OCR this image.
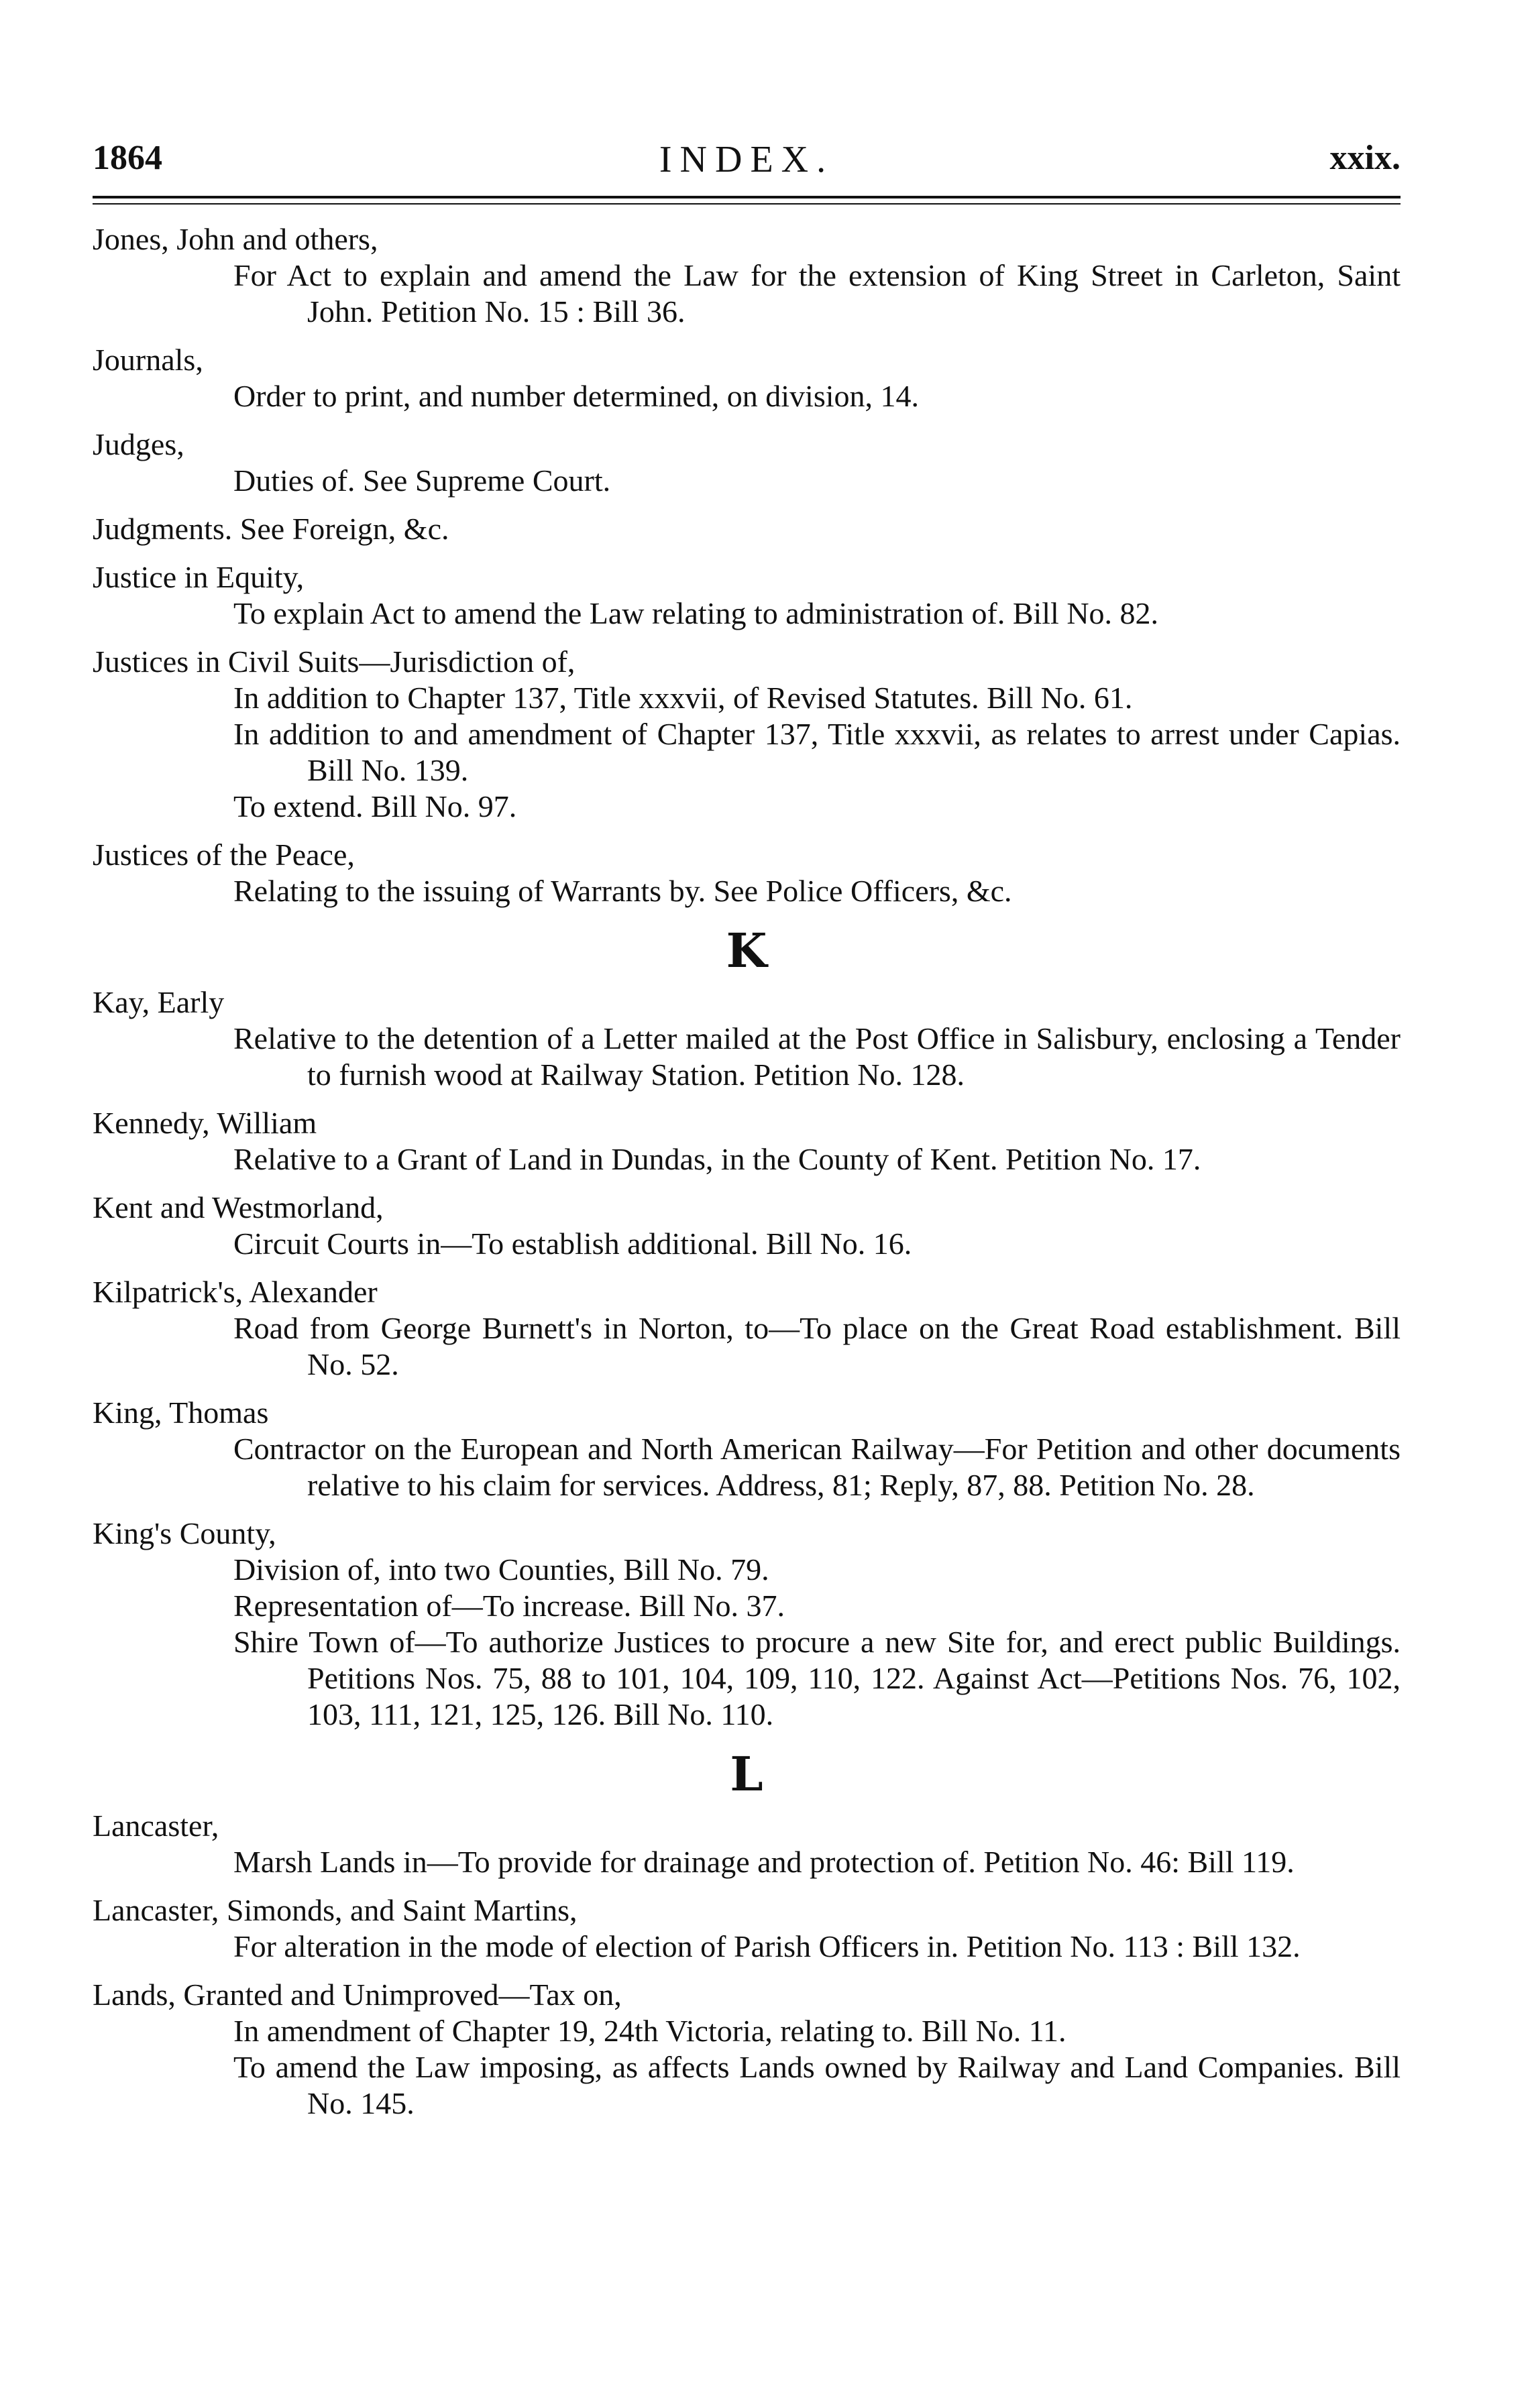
1864	INDEX.	xxix.
Jones, John and others,
For Act to explain and amend the Law for the extension of King Street in Carleton, Saint John. Petition No. 15 : Bill 36.
Journals,
Order to print, and number determined, on division, 14.
Judges,
Duties of. See Supreme Court.
Judgments. See Foreign, &c.
Justice in Equity,
To explain Act to amend the Law relating to administration of. Bill No. 82.
Justices in Civil Suits—Jurisdiction of,
In addition to Chapter 137, Title xxxvii, of Revised Statutes. Bill No. 61.
In addition to and amendment of Chapter 137, Title xxxvii, as relates to arrest under Capias. Bill No. 139.
To extend. Bill No. 97.
Justices of the Peace,
Relating to the issuing of Warrants by. See Police Officers, &c.
K
Kay, Early
Relative to the detention of a Letter mailed at the Post Office in Salisbury, enclosing a Tender to furnish wood at Railway Station. Petition No. 128.
Kennedy, William
Relative to a Grant of Land in Dundas, in the County of Kent. Petition No. 17.
Kent and Westmorland,
Circuit Courts in—To establish additional. Bill No. 16.
Kilpatrick's, Alexander
Road from George Burnett's in Norton, to—To place on the Great Road establishment. Bill No. 52.
King, Thomas
Contractor on the European and North American Railway—For Petition and other documents relative to his claim for services. Address, 81; Reply, 87, 88. Petition No. 28.
King's County,
Division of, into two Counties, Bill No. 79.
Representation of—To increase. Bill No. 37.
Shire Town of—To authorize Justices to procure a new Site for, and erect public Buildings. Petitions Nos. 75, 88 to 101, 104, 109, 110, 122. Against Act—Petitions Nos. 76, 102, 103, 111, 121, 125, 126. Bill No. 110.
L
Lancaster,
Marsh Lands in—To provide for drainage and protection of. Petition No. 46: Bill 119.
Lancaster, Simonds, and Saint Martins,
For alteration in the mode of election of Parish Officers in. Petition No. 113 : Bill 132.
Lands, Granted and Unimproved—Tax on,
In amendment of Chapter 19, 24th Victoria, relating to. Bill No. 11.
To amend the Law imposing, as affects Lands owned by Railway and Land Companies. Bill No. 145.
